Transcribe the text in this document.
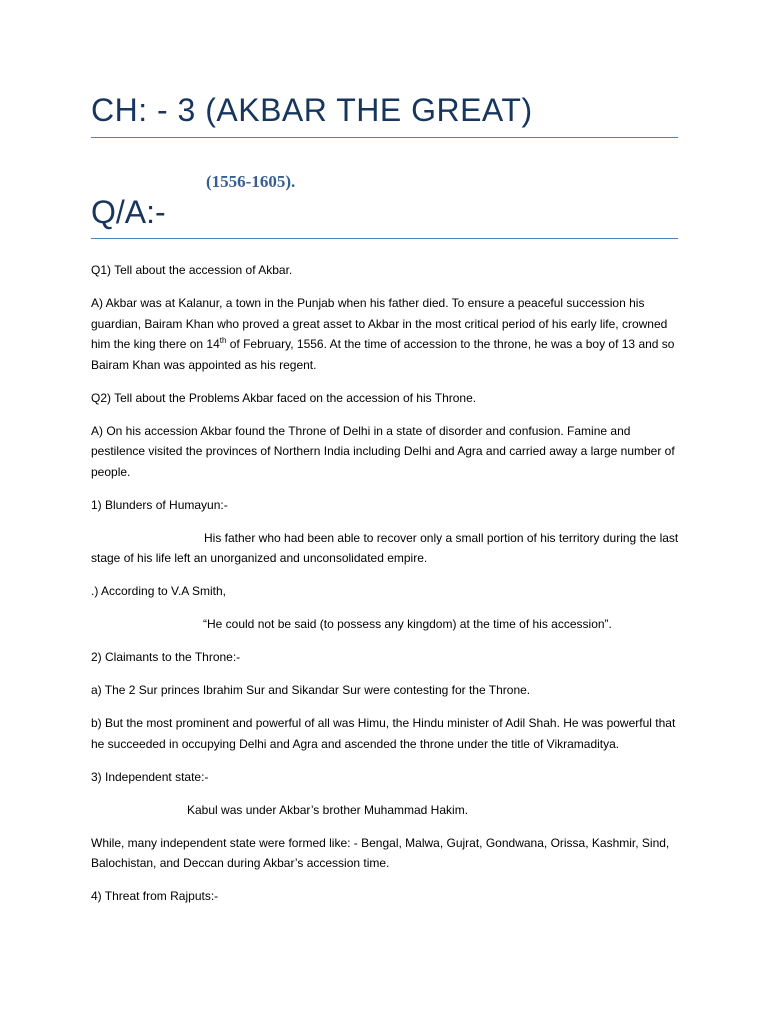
CH: - 3 (AKBAR THE GREAT)
(1556-1605).
Q/A:-

Q1) Tell about the accession of Akbar.

A) Akbar was at Kalanur, a town in the Punjab when his father died. To ensure a peaceful succession his guardian, Bairam Khan who proved a great asset to Akbar in the most critical period of his early life, crowned him the king there on 14th of February, 1556. At the time of accession to the throne, he was a boy of 13 and so Bairam Khan was appointed as his regent.

Q2) Tell about the Problems Akbar faced on the accession of his Throne.

A) On his accession Akbar found the Throne of Delhi in a state of disorder and confusion. Famine and pestilence visited the provinces of Northern India including Delhi and Agra and carried away a large number of people.

1) Blunders of Humayun:-

His father who had been able to recover only a small portion of his territory during the last stage of his life left an unorganized and unconsolidated empire.

.) According to V.A Smith,

“He could not be said (to possess any kingdom) at the time of his accession”.

2) Claimants to the Throne:-

a) The 2 Sur princes Ibrahim Sur and Sikandar Sur were contesting for the Throne.

b) But the most prominent and powerful of all was Himu, the Hindu minister of Adil Shah. He was powerful that he succeeded in occupying Delhi and Agra and ascended the throne under the title of Vikramaditya.

3) Independent state:-

Kabul was under Akbar’s brother Muhammad Hakim.

While, many independent state were formed like: - Bengal, Malwa, Gujrat, Gondwana, Orissa, Kashmir, Sind, Balochistan, and Deccan during Akbar’s accession time.

4) Threat from Rajputs:-
